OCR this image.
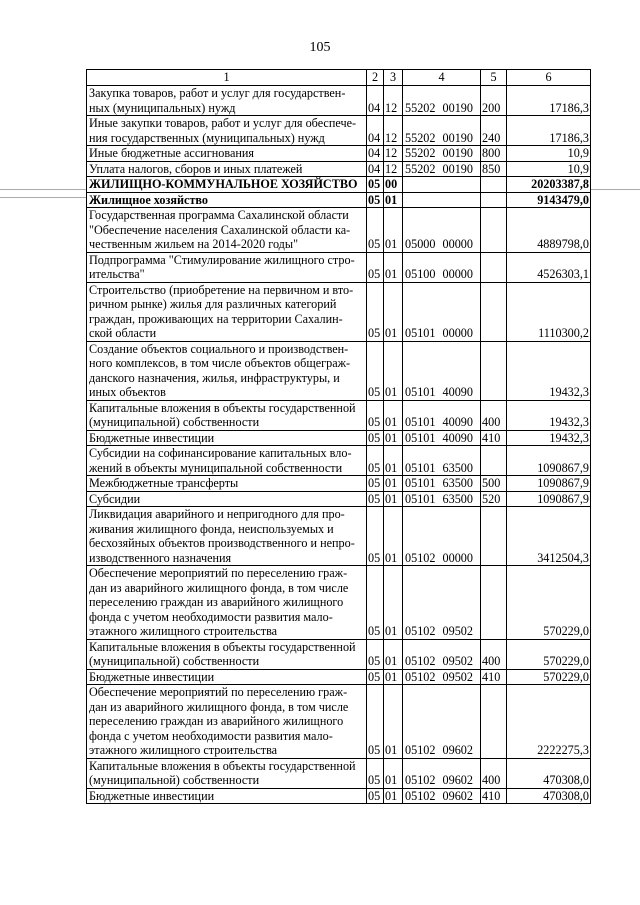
105
1	2	3	4	5	6
Закупка товаров, работ и услуг для государствен-ных (муниципальных) нужд	04	12	55202 00190	200	17186,3
Иные закупки товаров, работ и услуг для обеспече-ния государственных (муниципальных) нужд	04	12	55202 00190	240	17186,3
Иные бюджетные ассигнования	04	12	55202 00190	800	10,9
Уплата налогов, сборов и иных платежей	04	12	55202 00190	850	10,9
ЖИЛИЩНО-КОММУНАЛЬНОЕ ХОЗЯЙСТВО	05	00			20203387,8
Жилищное хозяйство	05	01			9143479,0
Государственная программа Сахалинской области "Обеспечение населения Сахалинской области ка-чественным жильем на 2014-2020 годы"	05	01	05000 00000		4889798,0
Подпрограмма "Стимулирование жилищного стро-ительства"	05	01	05100 00000		4526303,1
Строительство (приобретение на первичном и вто-ричном рынке) жилья для различных категорий граждан, проживающих на территории Сахалин-ской области	05	01	05101 00000		1110300,2
Создание объектов социального и производствен-ного комплексов, в том числе объектов общеграж-данского назначения, жилья, инфраструктуры, и иных объектов	05	01	05101 40090		19432,3
Капитальные вложения в объекты государственной (муниципальной) собственности	05	01	05101 40090	400	19432,3
Бюджетные инвестиции	05	01	05101 40090	410	19432,3
Субсидии на софинансирование капитальных вло-жений в объекты муниципальной собственности	05	01	05101 63500		1090867,9
Межбюджетные трансферты	05	01	05101 63500	500	1090867,9
Субсидии	05	01	05101 63500	520	1090867,9
Ликвидация аварийного и непригодного для про-живания жилищного фонда, неиспользуемых и бесхозяйных объектов производственного и непро-изводственного назначения	05	01	05102 00000		3412504,3
Обеспечение мероприятий по переселению граж-дан из аварийного жилищного фонда, в том числе переселению граждан из аварийного жилищного фонда с учетом необходимости развития мало-этажного жилищного строительства	05	01	05102 09502		570229,0
Капитальные вложения в объекты государственной (муниципальной) собственности	05	01	05102 09502	400	570229,0
Бюджетные инвестиции	05	01	05102 09502	410	570229,0
Обеспечение мероприятий по переселению граж-дан из аварийного жилищного фонда, в том числе переселению граждан из аварийного жилищного фонда с учетом необходимости развития мало-этажного жилищного строительства	05	01	05102 09602		2222275,3
Капитальные вложения в объекты государственной (муниципальной) собственности	05	01	05102 09602	400	470308,0
Бюджетные инвестиции	05	01	05102 09602	410	470308,0
